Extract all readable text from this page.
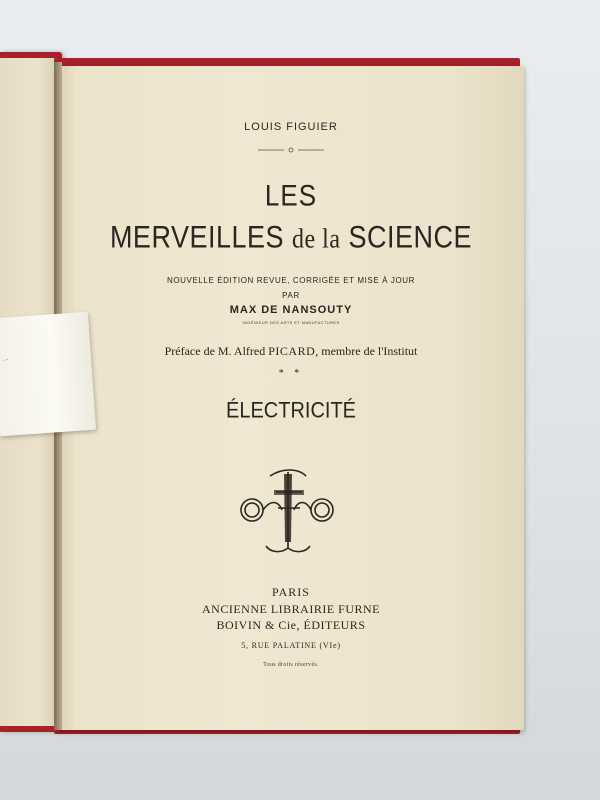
...
LOUIS FIGUIER
LES
MERVEILLES de la SCIENCE
NOUVELLE ÉDITION REVUE, CORRIGÉE ET MISE À JOUR
PAR
MAX DE NANSOUTY
INGÉNIEUR DES ARTS ET MANUFACTURES
Préface de M. Alfred PICARD, membre de l'Institut
* *
ÉLECTRICITÉ
PARIS
ANCIENNE LIBRAIRIE FURNE
BOIVIN & Cie, ÉDITEURS
5, RUE PALATINE (VIe)
Tous droits réservés.
